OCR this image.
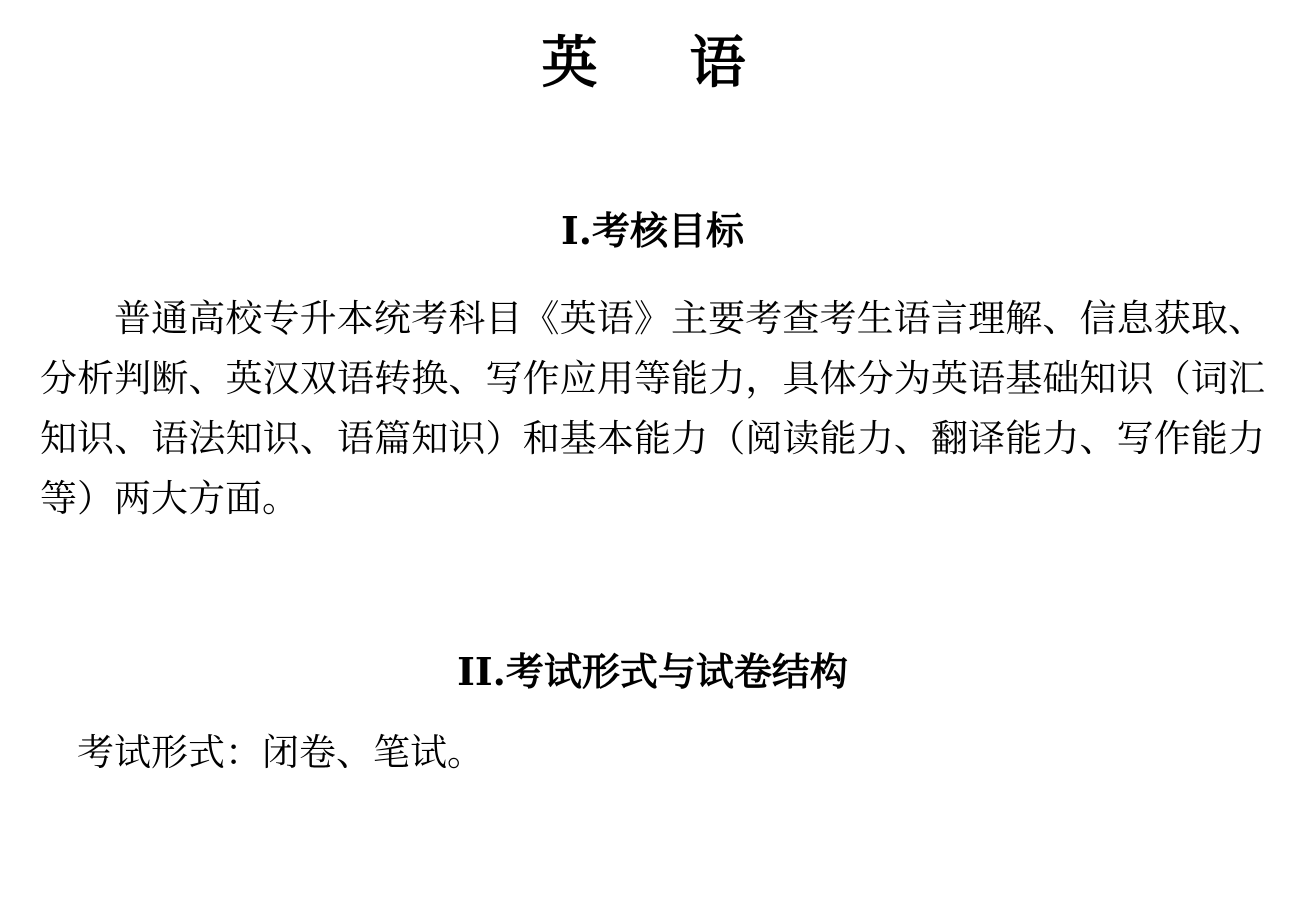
英　语
I.考核目标

普通高校专升本统考科目《英语》主要考查考生语言理解、信息获取、分析判断、英汉双语转换、写作应用等能力，具体分为英语基础知识（词汇知识、语法知识、语篇知识）和基本能力（阅读能力、翻译能力、写作能力等）两大方面。

II.考试形式与试卷结构

考试形式：闭卷、笔试。
